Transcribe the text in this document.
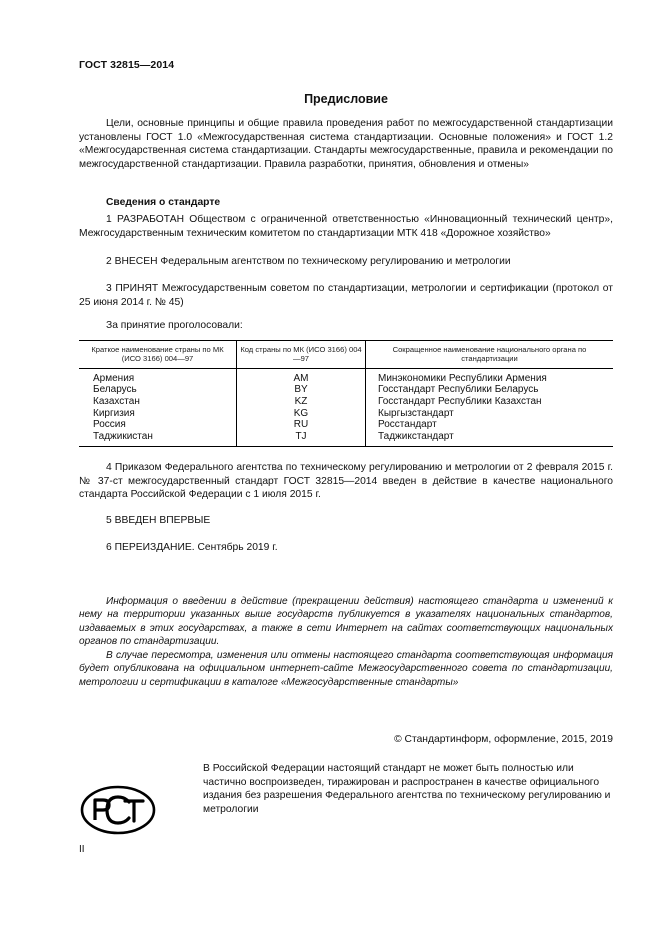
ГОСТ 32815—2014
Предисловие
Цели, основные принципы и общие правила проведения работ по межгосударственной стандартизации установлены ГОСТ 1.0 «Межгосударственная система стандартизации. Основные положения» и ГОСТ 1.2 «Межгосударственная система стандартизации. Стандарты межгосударственные, правила и рекомендации по межгосударственной стандартизации. Правила разработки, принятия, обновления и отмены»
Сведения о стандарте
1 РАЗРАБОТАН Обществом с ограниченной ответственностью «Инновационный технический центр», Межгосударственным техническим комитетом по стандартизации МТК 418 «Дорожное хозяйство»
2 ВНЕСЕН Федеральным агентством по техническому регулированию и метрологии
3 ПРИНЯТ Межгосударственным советом по стандартизации, метрологии и сертификации (протокол от 25 июня 2014 г. № 45)
За принятие проголосовали:
Краткое наименование страны по МК (ИСО 3166) 004—97	Код страны по МК (ИСО 3166) 004—97	Сокращенное наименование национального органа по стандартизации
Армения	AM	Минэкономики Республики Армения
Беларусь	BY	Госстандарт Республики Беларусь
Казахстан	KZ	Госстандарт Республики Казахстан
Киргизия	KG	Кыргызстандарт
Россия	RU	Росстандарт
Таджикистан	TJ	Таджикстандарт
4 Приказом Федерального агентства по техническому регулированию и метрологии от 2 февраля 2015 г. № 37-ст межгосударственный стандарт ГОСТ 32815—2014 введен в действие в качестве национального стандарта Российской Федерации с 1 июля 2015 г.
5 ВВЕДЕН ВПЕРВЫЕ
6 ПЕРЕИЗДАНИЕ. Сентябрь 2019 г.
Информация о введении в действие (прекращении действия) настоящего стандарта и изменений к нему на территории указанных выше государств публикуется в указателях национальных стандартов, издаваемых в этих государствах, а также в сети Интернет на сайтах соответствующих национальных органов по стандартизации.
В случае пересмотра, изменения или отмены настоящего стандарта соответствующая информация будет опубликована на официальном интернет-сайте Межгосударственного совета по стандартизации, метрологии и сертификации в каталоге «Межгосударственные стандарты»
© Стандартинформ, оформление, 2015, 2019
В Российской Федерации настоящий стандарт не может быть полностью или частично воспроизведен, тиражирован и распространен в качестве официального издания без разрешения Федерального агентства по техническому регулированию и метрологии
II
